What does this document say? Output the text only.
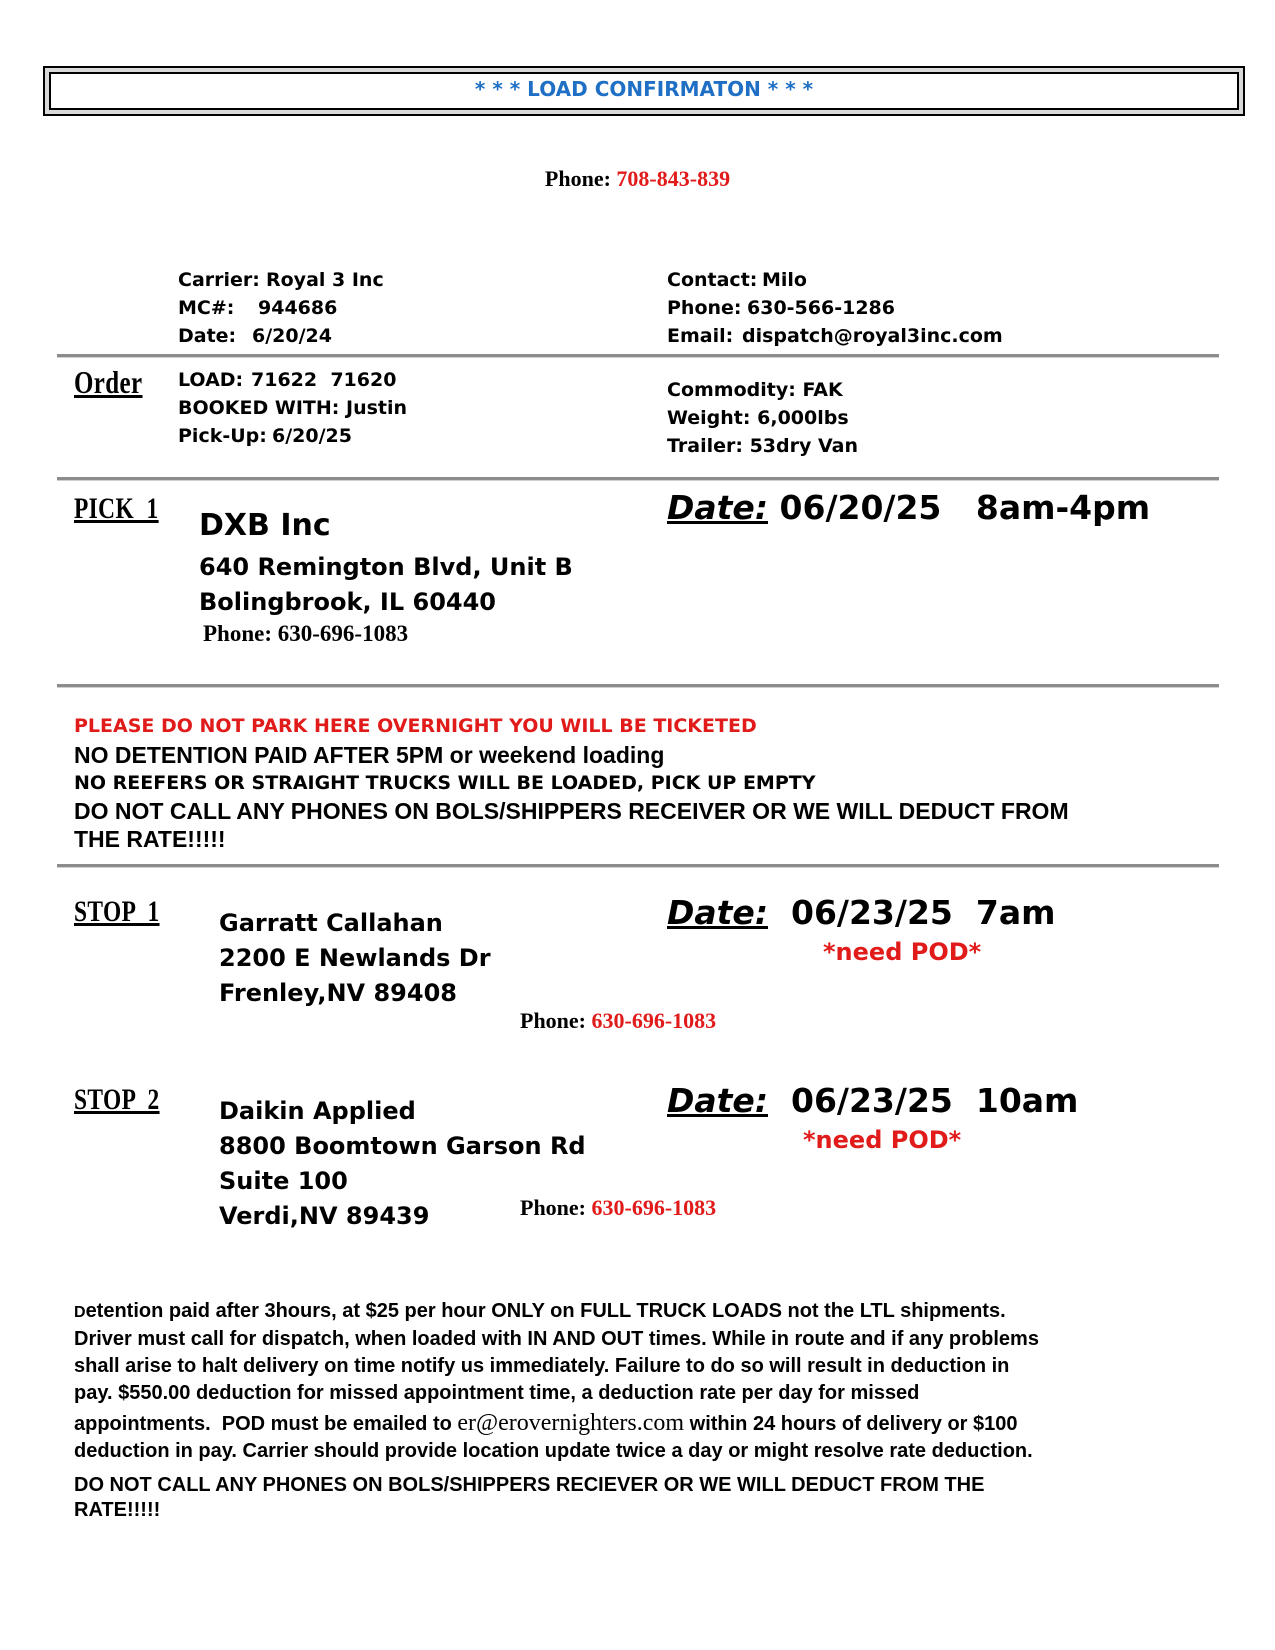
* * * LOAD CONFIRMATON * * *
Phone: 708-843-839
Carrier: Royal 3 Inc
MC#: 944686
Date: 6/20/24
Contact: Milo
Phone: 630-566-1286
Email: dispatch@royal3inc.com
Order LOAD: 71622  71620
BOOKED WITH: Justin
Pick-Up: 6/20/25
Commodity: FAK
Weight: 6,000lbs
Trailer: 53dry Van
PICK  1 DXB Inc
640 Remington Blvd, Unit B
Bolingbrook, IL 60440
Phone: 630-696-1083
Date: 06/20/25   8am-4pm
PLEASE DO NOT PARK HERE OVERNIGHT YOU WILL BE TICKETED
NO DETENTION PAID AFTER 5PM or weekend loading
NO REEFERS OR STRAIGHT TRUCKS WILL BE LOADED, PICK UP EMPTY
DO NOT CALL ANY PHONES ON BOLS/SHIPPERS RECEIVER OR WE WILL DEDUCT FROM
THE RATE!!!!!
STOP  1 Garratt Callahan
2200 E Newlands Dr
Frenley,NV 89408
Date: 06/23/25  7am
*need POD*
Phone: 630-696-1083
STOP  2 Daikin Applied
8800 Boomtown Garson Rd
Suite 100
Verdi,NV 89439
Date: 06/23/25  10am
*need POD*
Phone: 630-696-1083
Detention paid after 3hours, at $25 per hour ONLY on FULL TRUCK LOADS not the LTL shipments.
Driver must call for dispatch, when loaded with IN AND OUT times. While in route and if any problems
shall arise to halt delivery on time notify us immediately. Failure to do so will result in deduction in
pay. $550.00 deduction for missed appointment time, a deduction rate per day for missed
appointments.  POD must be emailed to er@erovernighters.com within 24 hours of delivery or $100
deduction in pay. Carrier should provide location update twice a day or might resolve rate deduction.
DO NOT CALL ANY PHONES ON BOLS/SHIPPERS RECIEVER OR WE WILL DEDUCT FROM THE
RATE!!!!!
